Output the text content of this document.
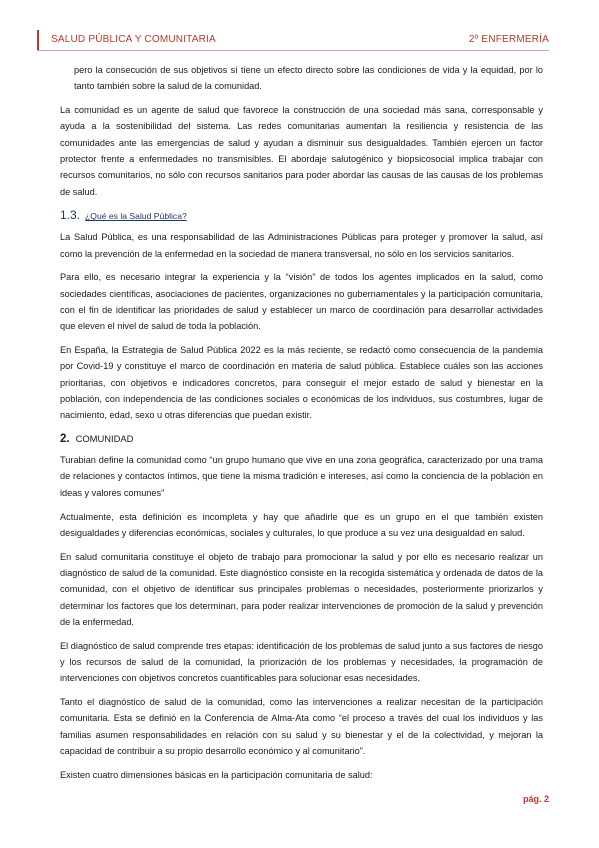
SALUD PÚBLICA Y COMUNITARIA	2º ENFERMERÍA

pero la consecución de sus objetivos sí tiene un efecto directo sobre las condiciones de vida y la equidad, por lo tanto también sobre la salud de la comunidad.

La comunidad es un agente de salud que favorece la construcción de una sociedad más sana, corresponsable y ayuda a la sostenibilidad del sistema. Las redes comunitarias aumentan la resiliencia y resistencia de las comunidades ante las emergencias de salud y ayudan a disminuir sus desigualdades. También ejercen un factor protector frente a enfermedades no transmisibles. El abordaje salutogénico y biopsicosocial implica trabajar con recursos comunitarios, no sólo con recursos sanitarios para poder abordar las causas de las causas de los problemas de salud.

1.3. ¿Qué es la Salud Pública?

La Salud Pública, es una responsabilidad de las Administraciones Públicas para proteger y promover la salud, así como la prevención de la enfermedad en la sociedad de manera transversal, no sólo en los servicios sanitarios.

Para ello, es necesario integrar la experiencia y la “visión” de todos los agentes implicados en la salud, como sociedades científicas, asociaciones de pacientes, organizaciones no gubernamentales y la participación comunitaria, con el fin de identificar las prioridades de salud y establecer un marco de coordinación para desarrollar actividades que eleven el nivel de salud de toda la población.

En España, la Estrategia de Salud Pública 2022 es la más reciente, se redactó como consecuencia de la pandemia por Covid-19 y constituye el marco de coordinación en materia de salud pública. Establece cuáles son las acciones prioritarias, con objetivos e indicadores concretos, para conseguir el mejor estado de salud y bienestar en la población, con independencia de las condiciones sociales o económicas de los individuos, sus costumbres, lugar de nacimiento, edad, sexo u otras diferencias que puedan existir.

2. COMUNIDAD

Turabian define la comunidad como “un grupo humano que vive en una zona geográfica, caracterizado por una trama de relaciones y contactos íntimos, que tiene la misma tradición e intereses, así como la conciencia de la población en ideas y valores comunes”

Actualmente, esta definición es incompleta y hay que añadirle que es un grupo en el que también existen desigualdades y diferencias económicas, sociales y culturales, lo que produce a su vez una desigualdad en salud.

En salud comunitaria constituye el objeto de trabajo para promocionar la salud y por ello es necesario realizar un diagnóstico de salud de la comunidad. Este diagnóstico consiste en la recogida sistemática y ordenada de datos de la comunidad, con el objetivo de identificar sus principales problemas o necesidades, posteriormente priorizarlos y determinar los factores que los determinan, para poder realizar intervenciones de promoción de la salud y prevención de la enfermedad.

El diagnóstico de salud comprende tres etapas: identificación de los problemas de salud junto a sus factores de riesgo y los recursos de salud de la comunidad, la priorización de los problemas y necesidades, la programación de intervenciones con objetivos concretos cuantificables para solucionar esas necesidades.

Tanto el diagnóstico de salud de la comunidad, como las intervenciones a realizar necesitan de la participación comunitaria. Esta se definió en la Conferencia de Alma-Ata como “el proceso a través del cual los individuos y las familias asumen responsabilidades en relación con su salud y su bienestar y el de la colectividad, y mejoran la capacidad de contribuir a su propio desarrollo económico y al comunitario”.

Existen cuatro dimensiones básicas en la participación comunitaria de salud:

pág. 2
